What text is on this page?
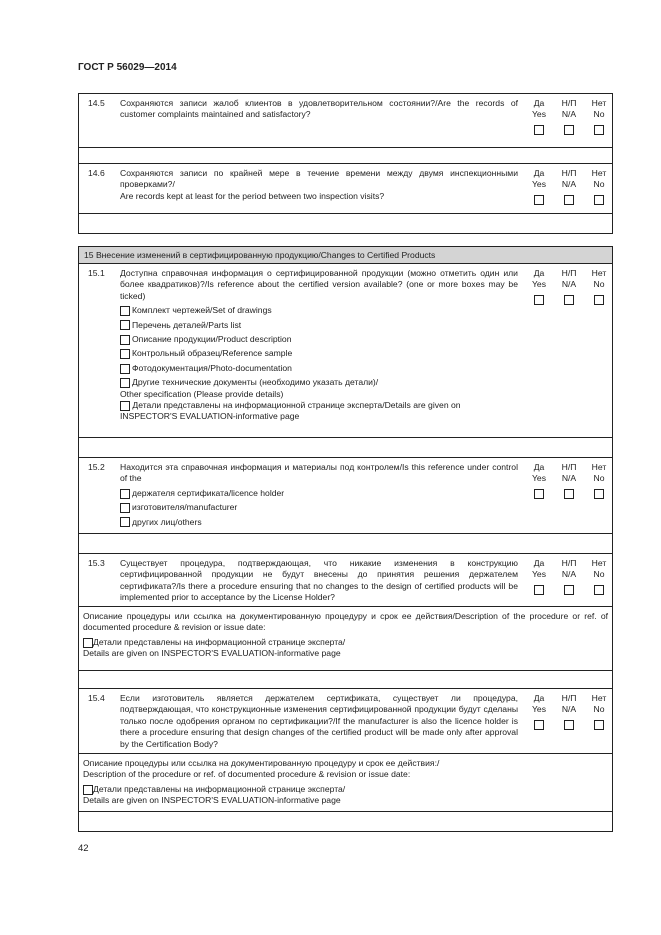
ГОСТ Р 56029—2014
14.5 Сохраняются записи жалоб клиентов в удовлетворительном состоянии?/Are the records of customer complaints maintained and satisfactory?
Да
Yes
Н/П
N/A
Нет
No
14.6 Сохраняются записи по крайней мере в течение времени между двумя инспекционными проверками?/
Are records kept at least for the period between two inspection visits?
Да
Yes
Н/П
N/A
Нет
No
15 Внесение изменений в сертифицированную продукцию/Changes to Certified Products
15.1 Доступна справочная информация о сертифицированной продукции (можно отметить один или более квадратиков)?/Is reference about the certified version available? (one or more boxes may be ticked)
Комплект чертежей/Set of drawings
Перечень деталей/Parts list
Описание продукции/Product description
Контрольный образец/Reference sample
Фотодокументация/Photo-documentation
Другие технические документы (необходимо указать детали)/
Other specification (Please provide details)
Детали представлены на информационной странице эксперта/Details are given on
INSPECTOR'S EVALUATION-informative page
Да
Yes
Н/П
N/A
Нет
No
15.2 Находится эта справочная информация и материалы под контролем/Is this reference under control of the
держателя сертификата/licence holder
изготовителя/manufacturer
других лиц/others
Да
Yes
Н/П
N/A
Нет
No
15.3 Существует процедура, подтверждающая, что никакие изменения в конструкцию сертифицированной продукции не будут внесены до принятия решения держателем сертификата?/Is there a procedure ensuring that no changes to the design of certified products will be implemented prior to acceptance by the License Holder?
Да
Yes
Н/П
N/A
Нет
No
Описание процедуры или ссылка на документированную процедуру и срок ее действия/Description of the procedure or ref. of documented procedure & revision or issue date:
Детали представлены на информационной странице эксперта/
Details are given on INSPECTOR'S EVALUATION-informative page
15.4 Если изготовитель является держателем сертификата, существует ли процедура, подтверждающая, что конструкционные изменения сертифицированной продукции будут сделаны только после одобрения органом по сертификации?/If the manufacturer is also the licence holder is there a procedure ensuring that design changes of the certified product will be made only after approval by the Certification Body?
Да
Yes
Н/П
N/A
Нет
No
Описание процедуры или ссылка на документированную процедуру и срок ее действия:/
Description of the procedure or ref. of documented procedure & revision or issue date:
Детали представлены на информационной странице эксперта/
Details are given on INSPECTOR'S EVALUATION-informative page
42
